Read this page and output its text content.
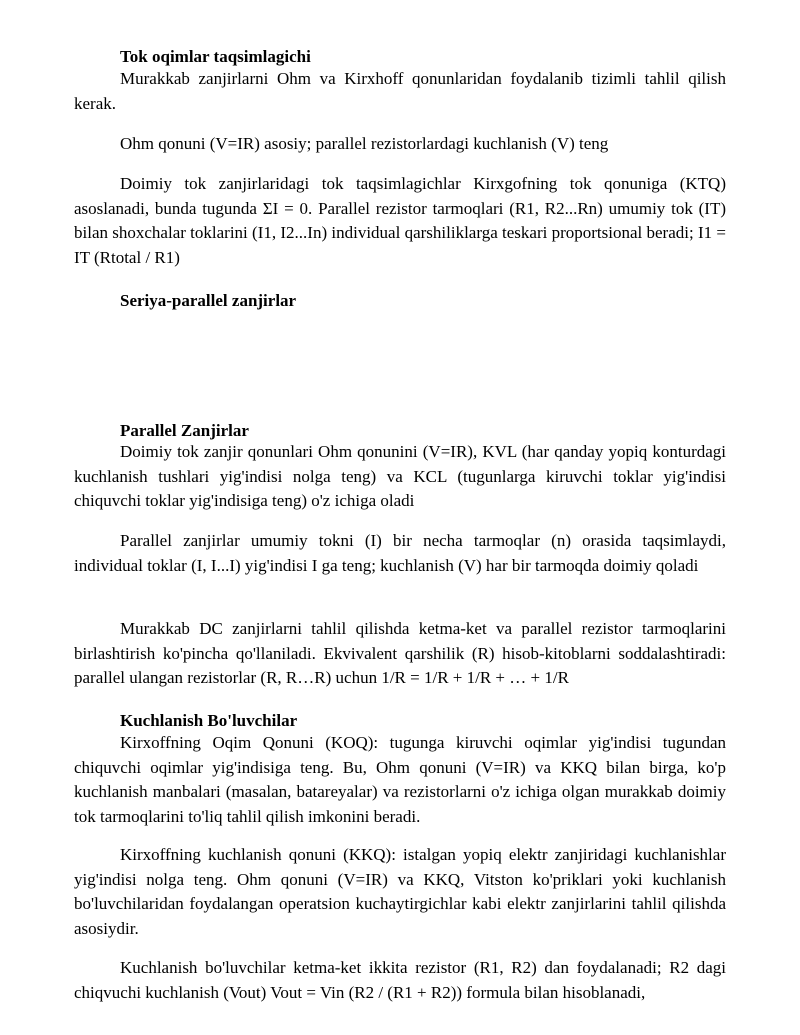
Tok oqimlar taqsimlagichi

Murakkab zanjirlarni Ohm va Kirxhoff qonunlaridan foydalanib tizimli tahlil qilish kerak.

Ohm qonuni (V=IR) asosiy; parallel rezistorlardagi kuchlanish (V) teng

Doimiy tok zanjirlaridagi tok taqsimlagichlar Kirxgofning tok qonuniga (KTQ) asoslanadi, bunda tugunda ΣI = 0. Parallel rezistor tarmoqlari (R1, R2...Rn) umumiy tok (IT) bilan shoxchalar toklarini (I1, I2...In) individual qarshiliklarga teskari proportsional beradi; I1 = IT (Rtotal / R1)

Seriya-parallel zanjirlar
Parallel Zanjirlar

Doimiy tok zanjir qonunlari Ohm qonunini (V=IR), KVL (har qanday yopiq konturdagi kuchlanish tushlari yig'indisi nolga teng) va KCL (tugunlarga kiruvchi toklar yig'indisi chiquvchi toklar yig'indisiga teng) o'z ichiga oladi

Parallel zanjirlar umumiy tokni (I) bir necha tarmoqlar (n) orasida taqsimlaydi, individual toklar (I, I...I) yig'indisi I ga teng; kuchlanish (V) har bir tarmoqda doimiy qoladi

Murakkab DC zanjirlarni tahlil qilishda ketma-ket va parallel rezistor tarmoqlarini birlashtirish ko'pincha qo'llaniladi. Ekvivalent qarshilik (R) hisob-kitoblarni soddalashtiradi: parallel ulangan rezistorlar (R, R…R) uchun 1/R = 1/R + 1/R + … + 1/R

Kuchlanish Bo'luvchilar

Kirxoffning Oqim Qonuni (KOQ): tugunga kiruvchi oqimlar yig'indisi tugundan chiquvchi oqimlar yig'indisiga teng. Bu, Ohm qonuni (V=IR) va KKQ bilan birga, ko'p kuchlanish manbalari (masalan, batareyalar) va rezistorlarni o'z ichiga olgan murakkab doimiy tok tarmoqlarini to'liq tahlil qilish imkonini beradi.

Kirxoffning kuchlanish qonuni (KKQ): istalgan yopiq elektr zanjiridagi kuchlanishlar yig'indisi nolga teng. Ohm qonuni (V=IR) va KKQ, Vitston ko'priklari yoki kuchlanish bo'luvchilaridan foydalangan operatsion kuchaytirgichlar kabi elektr zanjirlarini tahlil qilishda asosiydir.

Kuchlanish bo'luvchilar ketma-ket ikkita rezistor (R1, R2) dan foydalanadi; R2 dagi chiqvuchi kuchlanish (Vout) Vout = Vin (R2 / (R1 + R2)) formula bilan hisoblanadi,
